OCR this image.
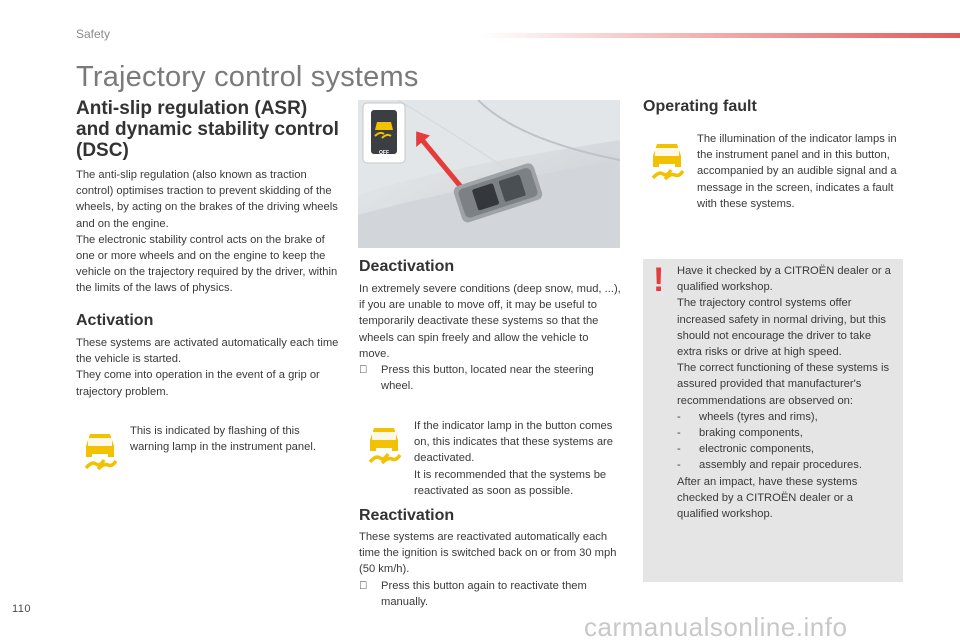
Safety
Trajectory control systems
Anti-slip regulation (ASR) and dynamic stability control (DSC)

The anti-slip regulation (also known as traction control) optimises traction to prevent skidding of the wheels, by acting on the brakes of the driving wheels and on the engine.

The electronic stability control acts on the brake of one or more wheels and on the engine to keep the vehicle on the trajectory required by the driver, within the limits of the laws of physics.

Activation

These systems are activated automatically each time the vehicle is started.

They come into operation in the event of a grip or trajectory problem.

This is indicated by flashing of this warning lamp in the instrument panel.
OFF
Deactivation

In extremely severe conditions (deep snow, mud, ...), if you are unable to move off, it may be useful to temporarily deactivate these systems so that the wheels can spin freely and allow the vehicle to move.

Press this button, located near the steering wheel.

If the indicator lamp in the button comes on, this indicates that these systems are deactivated.

It is recommended that the systems be reactivated as soon as possible.

Reactivation

These systems are reactivated automatically each time the ignition is switched back on or from 30 mph (50 km/h).

Press this button again to reactivate them manually.
Operating fault
The illumination of the indicator lamps in the instrument panel and in this button, accompanied by an audible signal and a message in the screen, indicates a fault with these systems.
! Have it checked by a CITROËN dealer or a qualified workshop.

The trajectory control systems offer increased safety in normal driving, but this should not encourage the driver to take extra risks or drive at high speed.

The correct functioning of these systems is assured provided that manufacturer's recommendations are observed on:

-	wheels (tyres and rims),
-	braking components,
-	electronic components,
-	assembly and repair procedures.

After an impact, have these systems checked by a CITROËN dealer or a qualified workshop.

110
carmanualsonline.info
